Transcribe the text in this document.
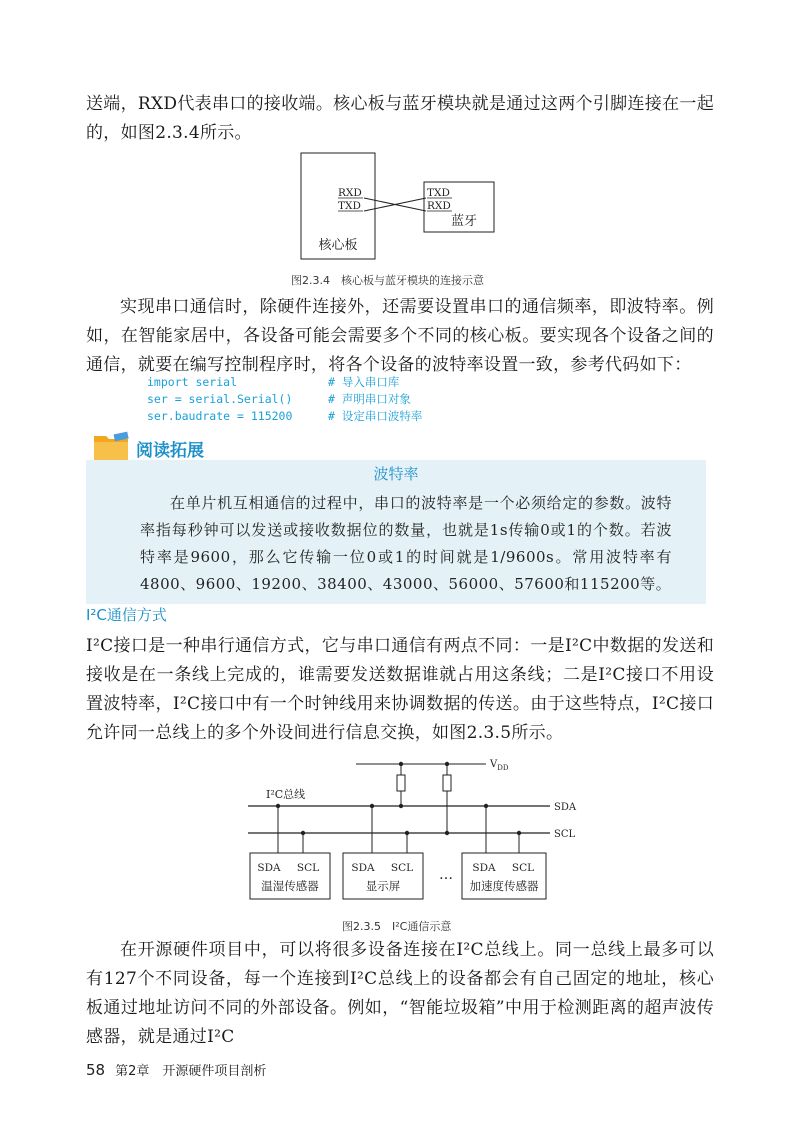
送端，RXD代表串口的接收端。核心板与蓝牙模块就是通过这两个引脚连接在一起的，如图2.3.4所示。

核心板
RXD
TXD
蓝牙
TXD
RXD
图2.3.4　核心板与蓝牙模块的连接示意

实现串口通信时，除硬件连接外，还需要设置串口的通信频率，即波特率。例如，在智能家居中，各设备可能会需要多个不同的核心板。要实现各个设备之间的通信，就要在编写控制程序时，将各个设备的波特率设置一致，参考代码如下：

import serial	# 导入串口库
ser = serial.Serial()	# 声明串口对象
ser.baudrate = 115200	# 设定串口波特率
波特率

在单片机互相通信的过程中，串口的波特率是一个必须给定的参数。波特率指每秒钟可以发送或接收数据位的数量，也就是1s传输0或1的个数。若波特率是9600，那么它传输一位0或1的时间就是1/9600s。常用波特率有4800、9600、19200、38400、43000、56000、57600和115200等。

阅读拓展
I²C通信方式

I²C接口是一种串行通信方式，它与串口通信有两点不同：一是I²C中数据的发送和接收是在一条线上完成的，谁需要发送数据谁就占用这条线；二是I²C接口不用设置波特率，I²C接口中有一个时钟线用来协调数据的传送。由于这些特点，I²C接口允许同一总线上的多个外设间进行信息交换，如图2.3.5所示。

$V_{DD}$
I²C总线
SDA
SCL
SDA SCL
温湿传感器
SDA SCL
显示屏
… SDA SCL
加速度传感器
图2.3.5　I²C通信示意

在开源硬件项目中，可以将很多设备连接在I²C总线上。同一总线上最多可以有127个不同设备，每一个连接到I²C总线上的设备都会有自己固定的地址，核心板通过地址访问不同的外部设备。例如，“智能垃圾箱”中用于检测距离的超声波传感器，就是通过I²C

58 第2章　开源硬件项目剖析
